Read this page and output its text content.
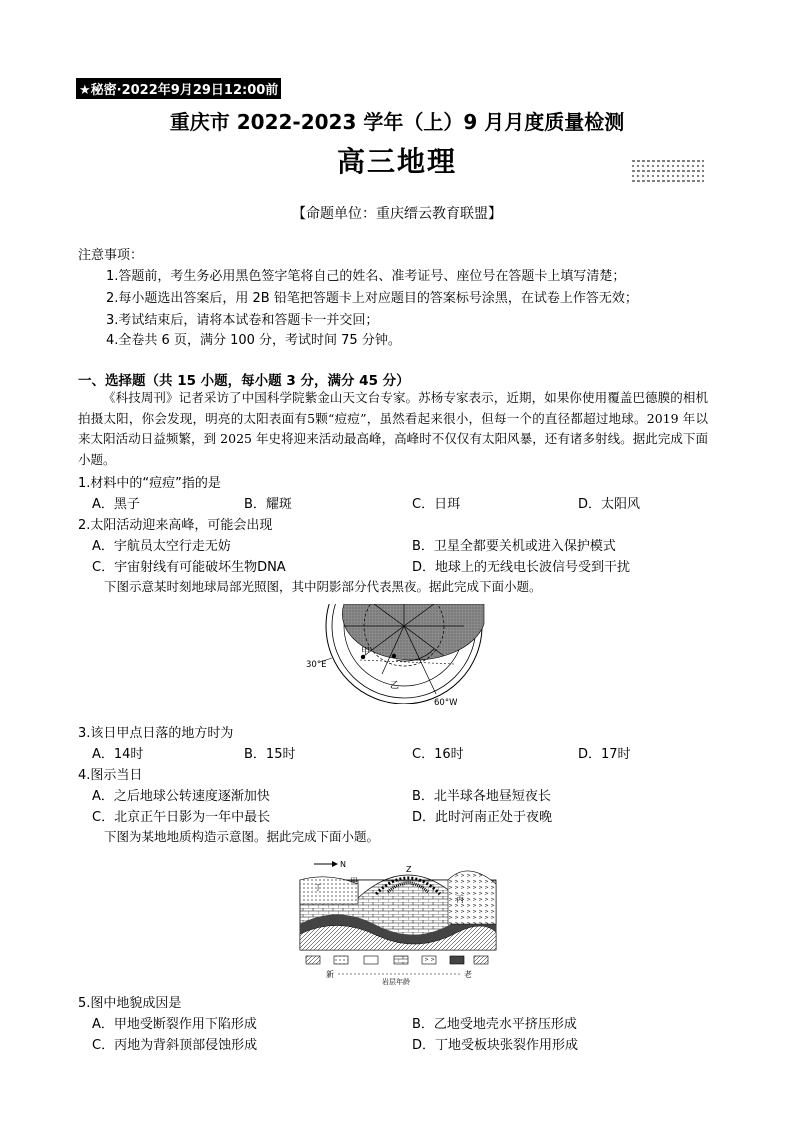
★秘密·2022年9月29日12:00前
重庆市 2022-2023 学年（上）9 月月度质量检测
高三地理
【命题单位：重庆缙云教育联盟】
注意事项：
1.答题前，考生务必用黑色签字笔将自己的姓名、准考证号、座位号在答题卡上填写清楚；
2.每小题选出答案后，用 2B 铅笔把答题卡上对应题目的答案标号涂黑，在试卷上作答无效；
3.考试结束后，请将本试卷和答题卡一并交回；
4.全卷共 6 页，满分 100 分，考试时间 75 分钟。
一、选择题（共 15 小题，每小题 3 分，满分 45 分）
《科技周刊》记者采访了中国科学院紫金山天文台专家。苏杨专家表示，近期，如果你使用覆盖巴德膜的相机拍摄太阳，你会发现，明亮的太阳表面有5颗“痘痘”，虽然看起来很小，但每一个的直径都超过地球。2019 年以来太阳活动日益频繁，到 2025 年史将迎来活动最高峰，高峰时不仅仅有太阳风暴，还有诸多射线。据此完成下面小题。
1.材料中的“痘痘”指的是
A．黑子	B．耀斑	C．日珥	D．太阳风
2.太阳活动迎来高峰，可能会出现
A．宇航员太空行走无妨	B．卫星全都要关机或进入保护模式
C．宇宙射线有可能破坏生物DNA	D．地球上的无线电长波信号受到干扰
下图示意某时刻地球局部光照图，其中阴影部分代表黑夜。据此完成下面小题。
30°E
60°W
甲
乙
3.该日甲点日落的地方时为
A．14时	B．15时	C．16时	D．17时
4.图示当日
A．之后地球公转速度逐渐加快	B．北半球各地昼短夜长
C．北京正午日影为一年中最长	D．此时河南正处于夜晚
下图为某地地质构造示意图。据此完成下面小题。
N
Z
甲
丁
丙
新	老
岩层年龄
5.图中地貌成因是
A．甲地受断裂作用下陷形成	B．乙地受地壳水平挤压形成
C．丙地为背斜顶部侵蚀形成	D．丁地受板块张裂作用形成
